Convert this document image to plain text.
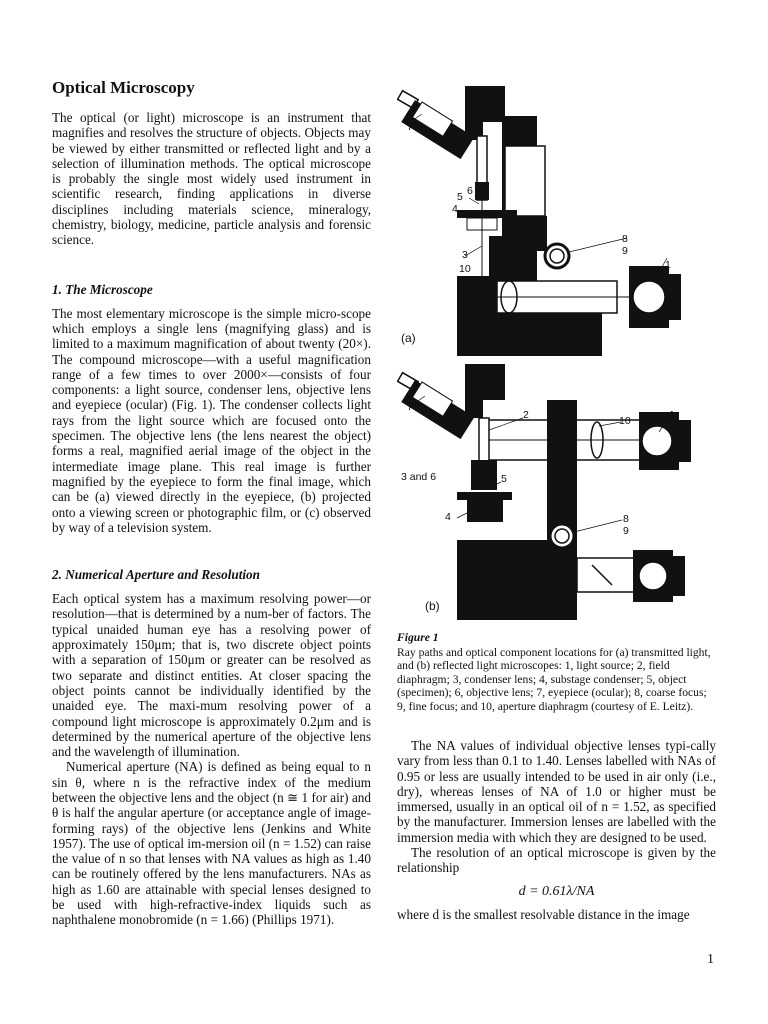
Optical Microscopy

The optical (or light) microscope is an instrument that magnifies and resolves the structure of objects. Objects may be viewed by either transmitted or reflected light and by a selection of illumination methods. The optical microscope is probably the single most widely used instrument in scientific research, finding applications in diverse disciplines including materials science, mineralogy, chemistry, biology, medicine, particle analysis and forensic science.

1. The Microscope

The most elementary microscope is the simple micro-scope which employs a single lens (magnifying glass) and is limited to a maximum magnification of about twenty (20×). The compound microscope—with a useful magnification range of a few times to over 2000×—consists of four components: a light source, condenser lens, objective lens and eyepiece (ocular) (Fig. 1). The condenser collects light rays from the light source which are focused onto the specimen. The objective lens (the lens nearest the object) forms a real, magnified aerial image of the object in the intermediate image plane. This real image is further magnified by the eyepiece to form the final image, which can be (a) viewed directly in the eyepiece, (b) projected onto a viewing screen or photographic film, or (c) observed by way of a television system.

2. Numerical Aperture and Resolution

Each optical system has a maximum resolving power—or resolution—that is determined by a num-ber of factors. The typical unaided human eye has a resolving power of approximately 150μm; that is, two discrete object points with a separation of 150μm or greater can be resolved as two separate and distinct entities. At closer spacing the object points cannot be individually identified by the unaided eye. The maxi-mum resolving power of a compound light microscope is approximately 0.2μm and is determined by the numerical aperture of the objective lens and the wavelength of illumination.

Numerical aperture (NA) is defined as being equal to n sin θ, where n is the refractive index of the medium between the objective lens and the object (n ≅ 1 for air) and θ is half the angular aperture (or acceptance angle of image-forming rays) of the objective lens (Jenkins and White 1957). The use of optical im-mersion oil (n = 1.52) can raise the value of n so that lenses with NA values as high as 1.40 can be routinely offered by the lens manufacturers. NAs as high as 1.60 are attainable with special lenses designed to be used with high-refractive-index liquids such as naphthalene monobromide (n = 1.66) (Phillips 1971).

7
5 6
4
3
10
8
9
1
2
(a)
7
2	10	1
3 and 6	5
4	8
9
(b)
Figure 1
Ray paths and optical component locations for (a) transmitted light, and (b) reflected light microscopes: 1, light source; 2, field diaphragm; 3, condenser lens; 4, substage condenser; 5, object (specimen); 6, objective lens; 7, eyepiece (ocular); 8, coarse focus; 9, fine focus; and 10, aperture diaphragm (courtesy of E. Leitz).

The NA values of individual objective lenses typi-cally vary from less than 0.1 to 1.40. Lenses labelled with NAs of 0.95 or less are usually intended to be used in air only (i.e., dry), whereas lenses of NA of 1.0 or higher must be immersed, usually in an optical oil of n = 1.52, as specified by the manufacturer. Immersion lenses are labelled with the immersion media with which they are designed to be used.

The resolution of an optical microscope is given by the relationship

d = 0.61λ/NA

where d is the smallest resolvable distance in the image

1
